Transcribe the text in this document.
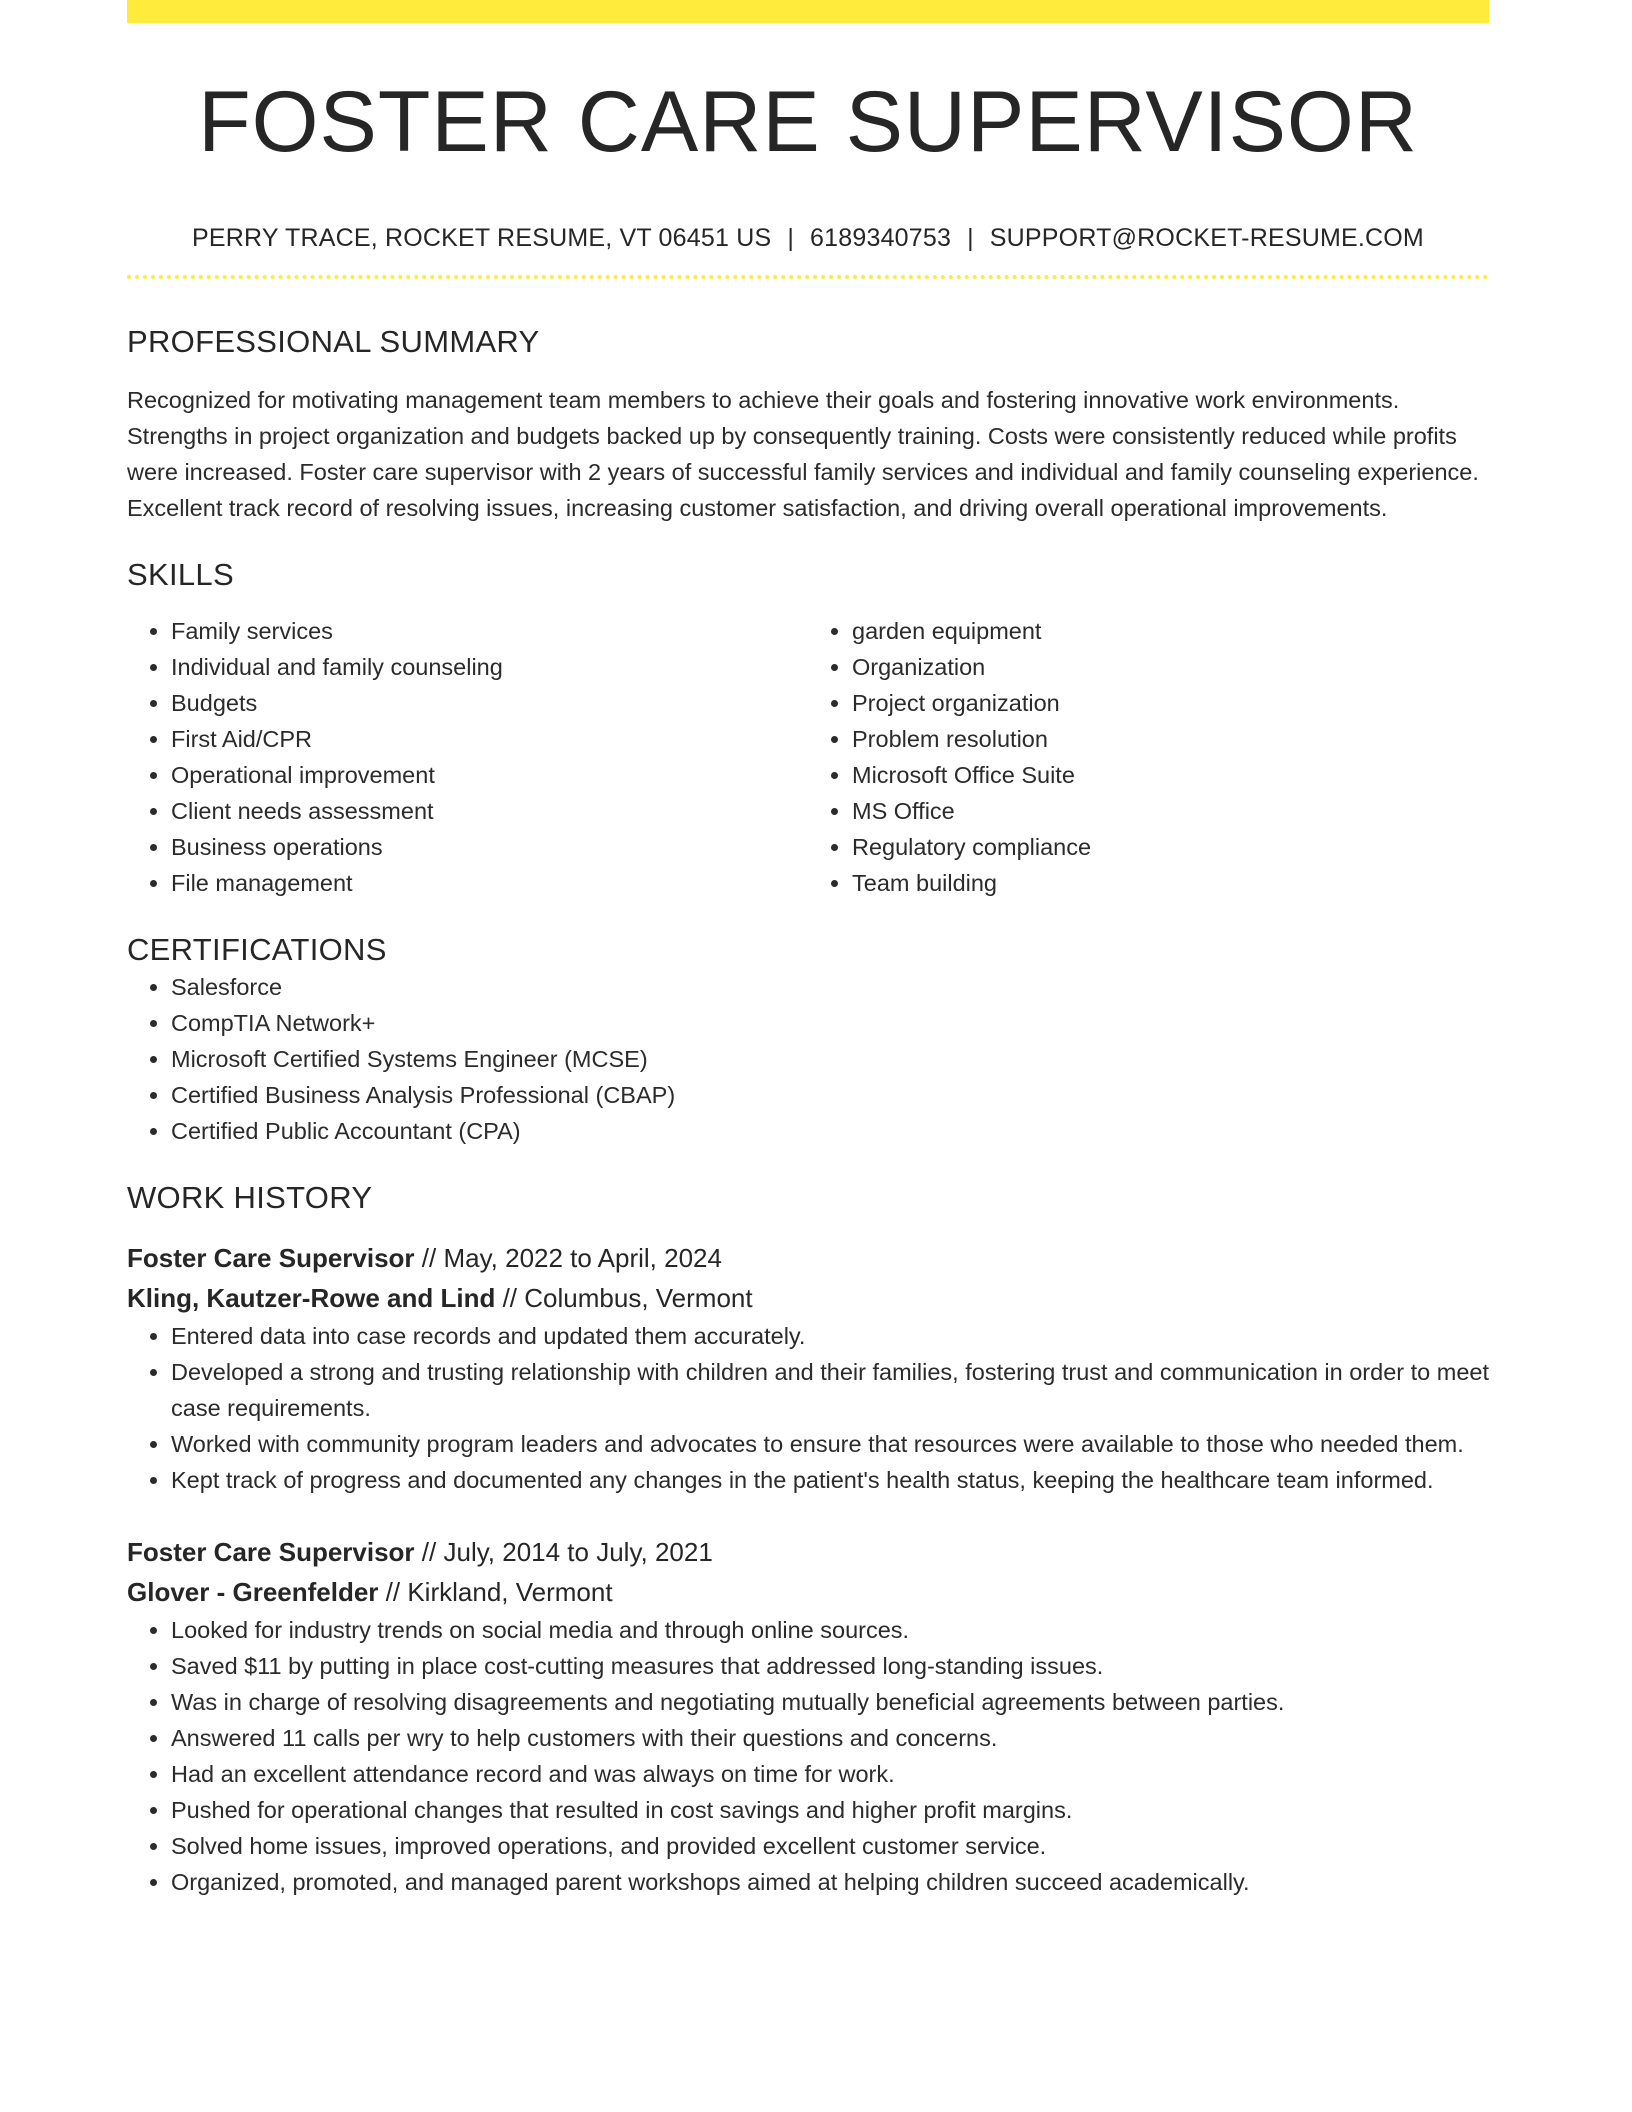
FOSTER CARE SUPERVISOR
PERRY TRACE, ROCKET RESUME, VT 06451 US | 6189340753 | SUPPORT@ROCKET-RESUME.COM
PROFESSIONAL SUMMARY

Recognized for motivating management team members to achieve their goals and fostering innovative work environments. Strengths in project organization and budgets backed up by consequently training. Costs were consistently reduced while profits were increased. Foster care supervisor with 2 years of successful family services and individual and family counseling experience. Excellent track record of resolving issues, increasing customer satisfaction, and driving overall operational improvements.

SKILLS
• Family services
• Individual and family counseling
• Budgets
• First Aid/CPR
• Operational improvement
• Client needs assessment
• Business operations
• File management
• garden equipment
• Organization
• Project organization
• Problem resolution
• Microsoft Office Suite
• MS Office
• Regulatory compliance
• Team building
CERTIFICATIONS
• Salesforce
• CompTIA Network+
• Microsoft Certified Systems Engineer (MCSE)
• Certified Business Analysis Professional (CBAP)
• Certified Public Accountant (CPA)
WORK HISTORY
Foster Care Supervisor // May, 2022 to April, 2024
Kling, Kautzer-Rowe and Lind // Columbus, Vermont
• Entered data into case records and updated them accurately.
• Developed a strong and trusting relationship with children and their families, fostering trust and communication in order to meet case requirements.
• Worked with community program leaders and advocates to ensure that resources were available to those who needed them.
• Kept track of progress and documented any changes in the patient's health status, keeping the healthcare team informed.
Foster Care Supervisor // July, 2014 to July, 2021
Glover - Greenfelder // Kirkland, Vermont
• Looked for industry trends on social media and through online sources.
• Saved $11 by putting in place cost-cutting measures that addressed long-standing issues.
• Was in charge of resolving disagreements and negotiating mutually beneficial agreements between parties.
• Answered 11 calls per wry to help customers with their questions and concerns.
• Had an excellent attendance record and was always on time for work.
• Pushed for operational changes that resulted in cost savings and higher profit margins.
• Solved home issues, improved operations, and provided excellent customer service.
• Organized, promoted, and managed parent workshops aimed at helping children succeed academically.
